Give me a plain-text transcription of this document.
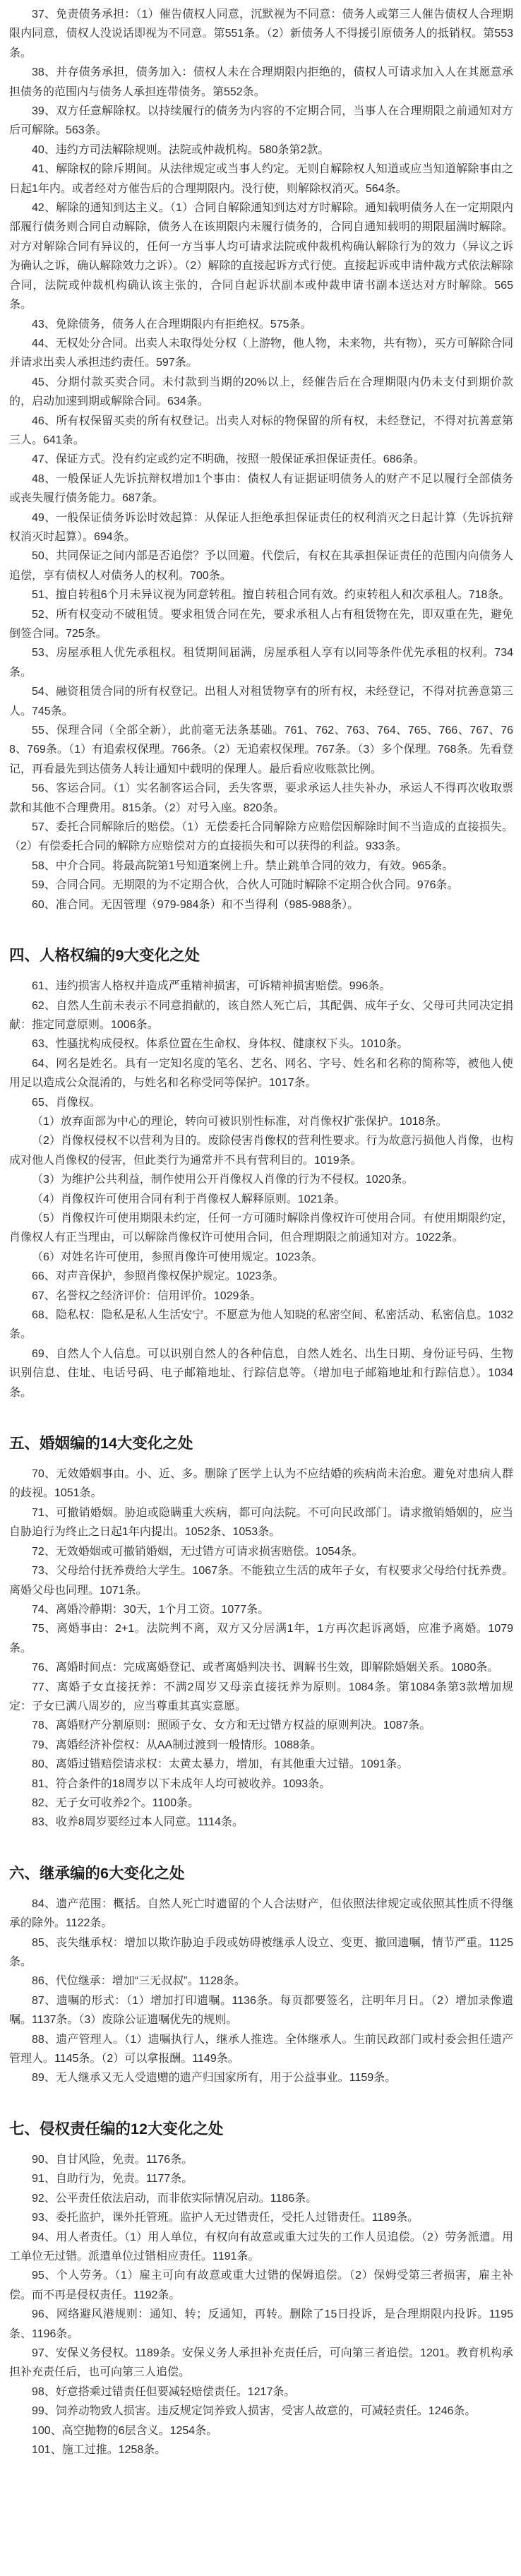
37、免责债务承担：（1）催告债权人同意，沉默视为不同意：债务人或第三人催告债权人合理期限内同意，债权人没说话即视为不同意。第551条。（2）新债务人不得援引原债务人的抵销权。第553条。

38、并存债务承担，债务加入：债权人未在合理期限内拒绝的，债权人可请求加入人在其愿意承担债务的范围内与债务人承担连带债务。第552条。

39、双方任意解除权。以持续履行的债务为内容的不定期合同，当事人在合理期限之前通知对方后可解除。563条。

40、违约方司法解除规则。法院或仲裁机构。580条第2款。

41、解除权的除斥期间。从法律规定或当事人约定。无则自解除权人知道或应当知道解除事由之日起1年内。或者经对方催告后的合理期限内。没行使，则解除权消灭。564条。

42、解除的通知到达主义。（1）合同自解除通知到达对方时解除。通知载明债务人在一定期限内部履行债务则合同自动解除，债务人在该期限内未履行债务的，合同自通知载明的期限届满时解除。对方对解除合同有异议的，任何一方当事人均可请求法院或仲裁机构确认解除行为的效力（异议之诉为确认之诉，确认解除效力之诉）。（2）解除的直接起诉方式行使。直接起诉或申请仲裁方式依法解除合同，法院或仲裁机构确认该主张的，合同自起诉状副本或仲裁申请书副本送达对方时解除。565条。

43、免除债务，债务人在合理期限内有拒绝权。575条。

44、无权处分合同。出卖人未取得处分权（上游物，他人物，未来物，共有物），买方可解除合同并请求出卖人承担违约责任。597条。

45、分期付款买卖合同。未付款到当期的20%以上，经催告后在合理期限内仍未支付到期价款的，启动加速到期或解除合同。634条。

46、所有权保留买卖的所有权登记。出卖人对标的物保留的所有权，未经登记，不得对抗善意第三人。641条。

47、保证方式。没有约定或约定不明确，按照一般保证承担保证责任。686条。

48、一般保证人先诉抗辩权增加1个事由：债权人有证据证明债务人的财产不足以履行全部债务或丧失履行债务能力。687条。

49、一般保证债务诉讼时效起算：从保证人拒绝承担保证责任的权利消灭之日起计算（先诉抗辩权消灭时起算）。694条。

50、共同保证之间内部是否追偿？予以回避。代偿后，有权在其承担保证责任的范围内向债务人追偿，享有债权人对债务人的权利。700条。

51、擅自转租6个月未异议视为同意转租。擅自转租合同有效。约束转租人和次承租人。718条。

52、所有权变动不破租赁。要求租赁合同在先，要求承租人占有租赁物在先，即双重在先，避免倒签合同。725条。

53、房屋承租人优先承租权。租赁期间届满，房屋承租人享有以同等条件优先承租的权利。734条。

54、融资租赁合同的所有权登记。出租人对租赁物享有的所有权，未经登记，不得对抗善意第三人。745条。

55、保理合同（全部全新），此前毫无法条基础。761、762、763、764、765、766、767、768、769条。（1）有追索权保理。766条。（2）无追索权保理。767条。（3）多个保理。768条。先看登记，再看最先到达债务人转让通知中载明的保理人。最后看应收账款比例。

56、客运合同。（1）实名制客运合同，丢失客票，要求承运人挂失补办，承运人不得再次收取票款和其他不合理费用。815条。（2）对号入座。820条。

57、委托合同解除后的赔偿。（1）无偿委托合同解除方应赔偿因解除时间不当造成的直接损失。（2）有偿委托合同的解除方应赔偿对方的直接损失和可以获得的利益。933条。

58、中介合同。将最高院第1号知道案例上升。禁止跳单合同的效力，有效。965条。

59、合同合同。无期限的为不定期合伙，合伙人可随时解除不定期合伙合同。976条。

60、准合同。无因管理（979-984条）和不当得利（985-988条）。

四、人格权编的9大变化之处

61、违约损害人格权并造成严重精神损害，可诉精神损害赔偿。996条。

62、自然人生前未表示不同意捐献的，该自然人死亡后，其配偶、成年子女、父母可共同决定捐献：推定同意原则。1006条。

63、性骚扰构成侵权。体系位置在生命权、身体权、健康权下头。1010条。

64、网名是姓名。具有一定知名度的笔名、艺名、网名、字号、姓名和名称的简称等，被他人使用足以造成公众混淆的，与姓名和名称受同等保护。1017条。

65、肖像权。

（1）放弃面部为中心的理论，转向可被识别性标准，对肖像权扩张保护。1018条。

（2）肖像权侵权不以营利为目的。废除侵害肖像权的营利性要求。行为故意污损他人肖像，也构成对他人肖像权的侵害，但此类行为通常并不具有营利目的。1019条。

（3）为维护公共利益，制作使用公开肖像权人肖像的行为不侵权。1020条。

（4）肖像权许可使用合同有利于肖像权人解释原则。1021条。

（5）肖像权许可使用期限未约定，任何一方可随时解除肖像权许可使用合同。有使用期限约定，肖像权人有正当理由，可以解除肖像权许可使用合同，但合理期限之前通知对方。1022条。

（6）对姓名许可使用，参照肖像许可使用规定。1023条。

66、对声音保护，参照肖像权保护规定。1023条。

67、名誉权之经济评价：信用评价。1029条。

68、隐私权：隐私是私人生活安宁。不愿意为他人知晓的私密空间、私密活动、私密信息。1032条。

69、自然人个人信息。可以识别自然人的各种信息，自然人姓名、出生日期、身份证号码、生物识别信息、住址、电话号码、电子邮箱地址、行踪信息等。（增加电子邮箱地址和行踪信息）。1034条。

五、婚姻编的14大变化之处

70、无效婚姻事由。小、近、多。删除了医学上认为不应结婚的疾病尚未治愈。避免对患病人群的歧视。1051条。

71、可撤销婚姻。胁迫或隐瞒重大疾病，都可向法院。不可向民政部门。请求撤销婚姻的，应当自胁迫行为终止之日起1年内提出。1052条、1053条。

72、无效婚姻或可撤销婚姻，无过错方可请求损害赔偿。1054条。

73、父母给付抚养费给大学生。1067条。不能独立生活的成年子女，有权要求父母给付抚养费。离婚父母也同理。1071条。

74、离婚冷静期：30天，1个月工资。1077条。

75、离婚事由：2+1。法院判不离，双方又分居满1年，1方再次起诉离婚，应准予离婚。1079条。

76、离婚时间点：完成离婚登记、或者离婚判决书、调解书生效，即解除婚姻关系。1080条。

77、离婚子女直接抚养：不满2周岁又母亲直接抚养为原则。1084条。第1084条第3款增加规定：子女已满八周岁的，应当尊重其真实意愿。

78、离婚财产分割原则：照顾子女、女方和无过错方权益的原则判决。1087条。

79、离婚经济补偿权：从AA制过渡到一般情形。1088条。

80、离婚过错赔偿请求权：太黄太暴力，增加，有其他重大过错。1091条。

81、符合条件的18周岁以下未成年人均可被收养。1093条。

82、无子女可收养2个。1100条。

83、收养8周岁要经过本人同意。1114条。

六、继承编的6大变化之处

84、遗产范围：概括。自然人死亡时遗留的个人合法财产，但依照法律规定或依照其性质不得继承的除外。1122条。

85、丧失继承权：增加以欺诈胁迫手段或妨碍被继承人设立、变更、撤回遗嘱，情节严重。1125条。

86、代位继承：增加“三无叔叔”。1128条。

87、遗嘱的形式：（1）增加打印遗嘱。1136条。每页都要签名，注明年月日。（2）增加录像遗嘱。1137条。（3）废除公证遗嘱优先的规则。

88、遗产管理人。（1）遗嘱执行人，继承人推选。全体继承人。生前民政部门或村委会担任遗产管理人。1145条。（2）可以拿报酬。1149条。

89、无人继承又无人受遗赠的遗产归国家所有，用于公益事业。1159条。

七、侵权责任编的12大变化之处

90、自甘风险，免责。1176条。

91、自助行为，免责。1177条。

92、公平责任依法启动，而非依实际情况启动。1186条。

93、委托监护，课外托管班。监护人无过错责任，受托人过错责任。1189条。

94、用人者责任。（1）用人单位，有权向有故意或重大过失的工作人员追偿。（2）劳务派遣。用工单位无过错。派遣单位过错相应责任。1191条。

95、个人劳务。（1）雇主可向有故意或重大过错的保姆追偿。（2）保姆受第三者损害，雇主补偿。而不再是侵权责任。1192条。

96、网络避风港规则：通知、转；反通知，再转。删除了15日投诉，是合理期限内投诉。1195条、1196条。

97、安保义务侵权。1189条。安保义务人承担补充责任后，可向第三者追偿。1201。教育机构承担补充责任后，也可向第三人追偿。

98、好意搭乘过错责任但要减轻赔偿责任。1217条。

99、饲养动物致人损害。违反规定饲养致人损害，受害人故意的，可减轻责任。1246条。

100、高空抛物的6层含义。1254条。

101、施工过推。1258条。
